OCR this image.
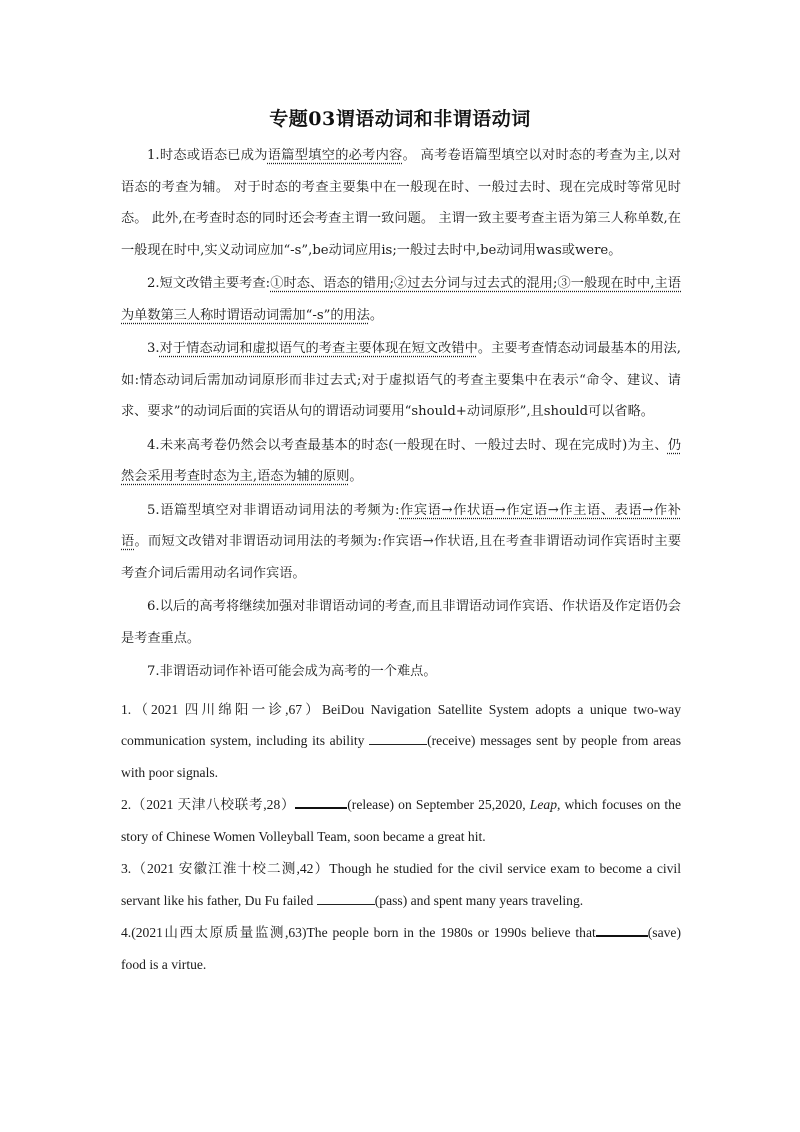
专题03谓语动词和非谓语动词

1.时态或语态已成为语篇型填空的必考内容。 高考卷语篇型填空以对时态的考查为主,以对语态的考查为辅。 对于时态的考查主要集中在一般现在时、一般过去时、现在完成时等常见时态。 此外,在考查时态的同时还会考查主谓一致问题。 主谓一致主要考查主语为第三人称单数,在一般现在时中,实义动词应加“-s”,be动词应用is;一般过去时中,be动词用was或were。

2.短文改错主要考查:①时态、语态的错用;②过去分词与过去式的混用;③一般现在时中,主语为单数第三人称时谓语动词需加“-s”的用法。

3.对于情态动词和虚拟语气的考查主要体现在短文改错中。主要考查情态动词最基本的用法,如:情态动词后需加动词原形而非过去式;对于虚拟语气的考查主要集中在表示“命令、建议、请求、要求”的动词后面的宾语从句的谓语动词要用“should+动词原形”,且should可以省略。

4.未来高考卷仍然会以考查最基本的时态(一般现在时、一般过去时、现在完成时)为主、仍然会采用考查时态为主,语态为辅的原则。

5.语篇型填空对非谓语动词用法的考频为:作宾语→作状语→作定语→作主语、表语→作补语。而短文改错对非谓语动词用法的考频为:作宾语→作状语,且在考查非谓语动词作宾语时主要考查介词后需用动名词作宾语。

6.以后的高考将继续加强对非谓语动词的考查,而且非谓语动词作宾语、作状语及作定语仍会是考查重点。

7.非谓语动词作补语可能会成为高考的一个难点。

1.（2021 四川绵阳一诊,67）BeiDou Navigation Satellite System adopts a unique two-way communication system, including its ability	(receive) messages sent by people from areas with poor signals.

2.（2021 天津八校联考,28）	(release) on September 25,2020, Leap, which focuses on the story of Chinese Women Volleyball Team, soon became a great hit.

3.（2021 安徽江淮十校二测,42）Though he studied for the civil service exam to become a civil servant like his father, Du Fu failed	(pass) and spent many years traveling.

4.(2021山西太原质量监测,63)The people born in the 1980s or 1990s believe that	(save) food is a virtue.
